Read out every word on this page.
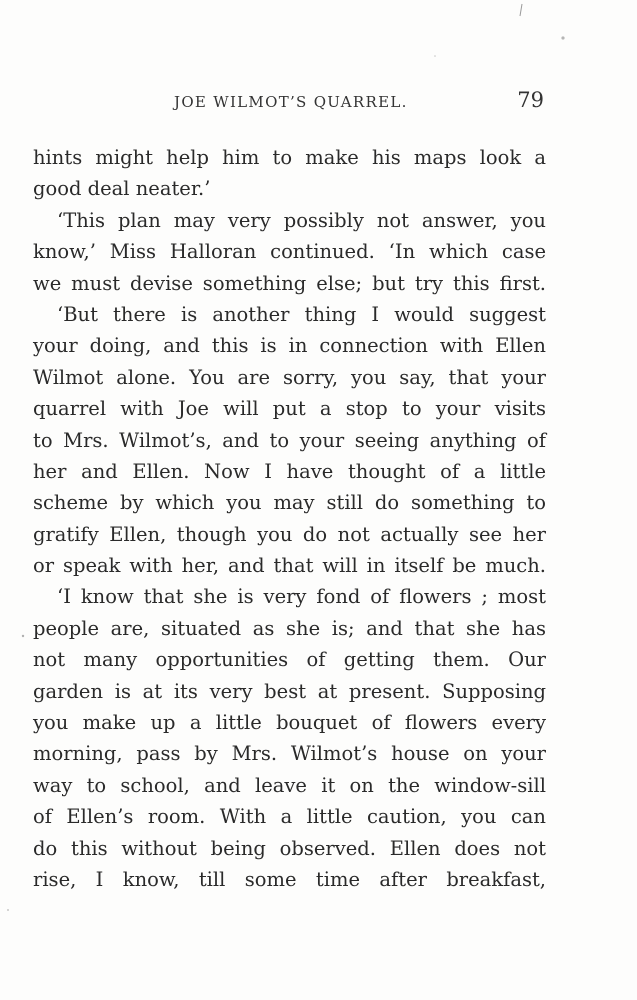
JOE WILMOT’S QUARREL.	79
hints might help him to make his maps look a
good deal neater.’
‘This plan may very possibly not answer, you
know,’ Miss Halloran continued. ‘In which case
we must devise something else; but try this first.
‘But there is another thing I would suggest
your doing, and this is in connection with Ellen
Wilmot alone. You are sorry, you say, that your
quarrel with Joe will put a stop to your visits
to Mrs. Wilmot’s, and to your seeing anything of
her and Ellen. Now I have thought of a little
scheme by which you may still do something to
gratify Ellen, though you do not actually see her
or speak with her, and that will in itself be much.
‘I know that she is very fond of flowers ; most
people are, situated as she is; and that she has
not many opportunities of getting them. Our
garden is at its very best at present. Supposing
you make up a little bouquet of flowers every
morning, pass by Mrs. Wilmot’s house on your
way to school, and leave it on the window-sill
of Ellen’s room. With a little caution, you can
do this without being observed. Ellen does not
rise, I know, till some time after breakfast,
